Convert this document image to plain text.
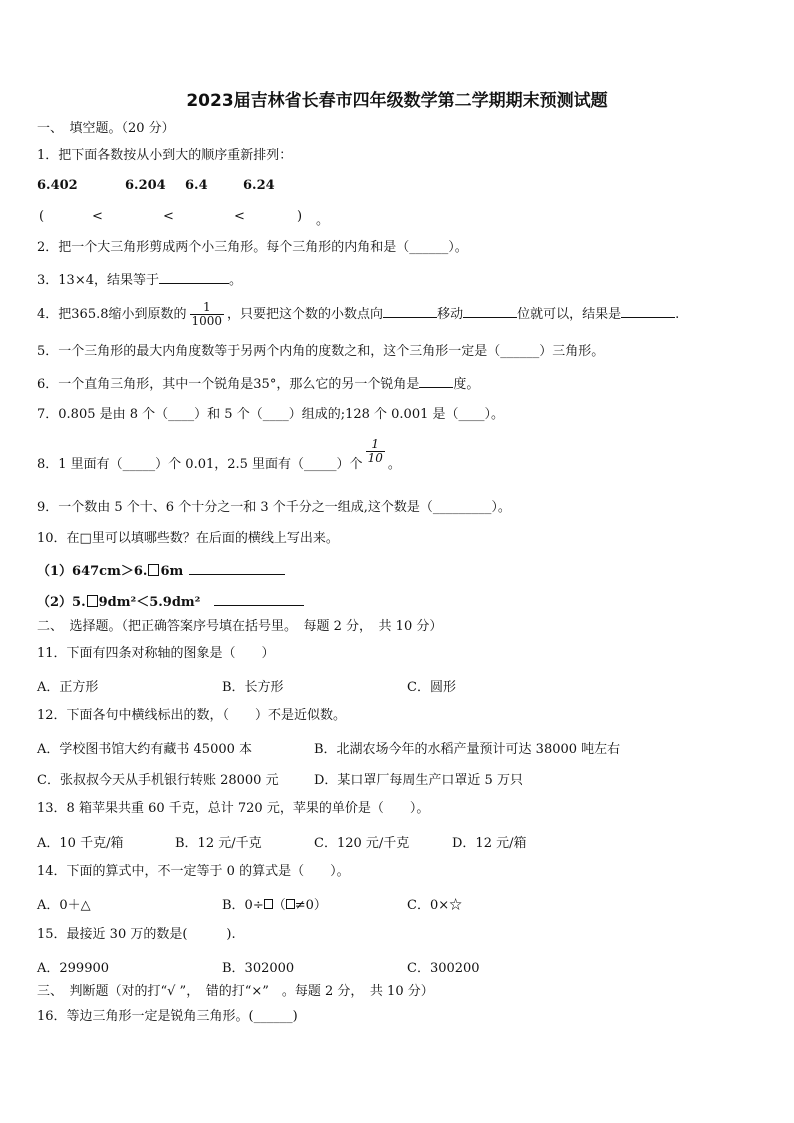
2023届吉林省长春市四年级数学第二学期期末预测试题
一、　填空题。（20 分）
1．把下面各数按从小到大的顺序重新排列：
6.402	6.204 6.4	6.24
(	<	<	<	) 。
2．把一个大三角形剪成两个小三角形。每个三角形的内角和是（______）。
3．13×4，结果等于	。
4．把365.8缩小到原数的 $\frac{1}{1000}$ ，只要把这个数的小数点向	移动	位就可以，结果是	.
5．一个三角形的最大内角度数等于另两个内角的度数之和，这个三角形一定是（______）三角形。
6．一个直角三角形，其中一个锐角是35°，那么它的另一个锐角是	度。
7．0.805 是由 8 个（____）和 5 个（____）组成的;128 个 0.001 是（____）。
8．1 里面有（_____）个 0.01，2.5 里面有（_____）个 $\frac{1}{10}$ 。
9．一个数由 5 个十、6 个十分之一和 3 个千分之一组成,这个数是（_________）。
10．在□里可以填哪些数？在后面的横线上写出来。
（1）647cm＞6. 6m
（2）5. 9dm²＜5.9dm²
二、　选择题。（把正确答案序号填在括号里。　每题 2 分，　共 10 分）
11．下面有四条对称轴的图象是（　　）
A．正方形	B．长方形	C．圆形
12．下面各句中横线标出的数，（　　）不是近似数。
A．学校图书馆大约有藏书 45000 本	B．北湖农场今年的水稻产量预计可达 38000 吨左右
C．张叔叔今天从手机银行转账 28000 元	D．某口罩厂每周生产口罩近 5 万只
13．8 箱苹果共重 60 千克，总计 720 元，苹果的单价是（　　）。
A．10 千克/箱	B．12 元/千克	C．120 元/千克	D．12 元/箱
14．下面的算式中，不一定等于 0 的算式是（　　）。
A．0＋△	B．0÷ （ ≠0）	C．0×☆
15．最接近 30 万的数是(　　　).
A．299900	B．302000	C．300200
三、　判断题（对的打“√ ”，　错的打“×”　。每题 2 分，　共 10 分）
16．等边三角形一定是锐角三角形。(______)
